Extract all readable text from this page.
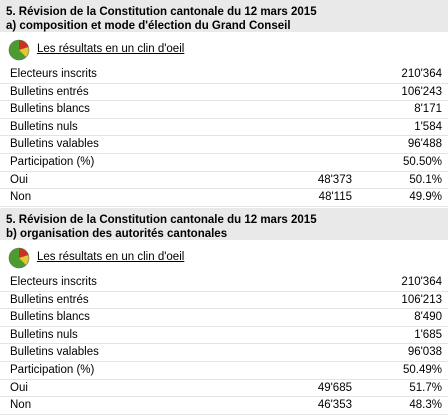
5. Révision de la Constitution cantonale du 12 mars 2015
a) composition et mode d'élection du Grand Conseil
Les résultats en un clin d'oeil
Electeurs inscrits	210'364
Bulletins entrés	106'243
Bulletins blancs	8'171
Bulletins nuls	1'584
Bulletins valables	96'488
Participation (%)	50.50%
Oui	48'373	50.1%
Non	48'115	49.9%
5. Révision de la Constitution cantonale du 12 mars 2015
b) organisation des autorités cantonales
Les résultats en un clin d'oeil
Electeurs inscrits	210'364
Bulletins entrés	106'213
Bulletins blancs	8'490
Bulletins nuls	1'685
Bulletins valables	96'038
Participation (%)	50.49%
Oui	49'685	51.7%
Non	46'353	48.3%
